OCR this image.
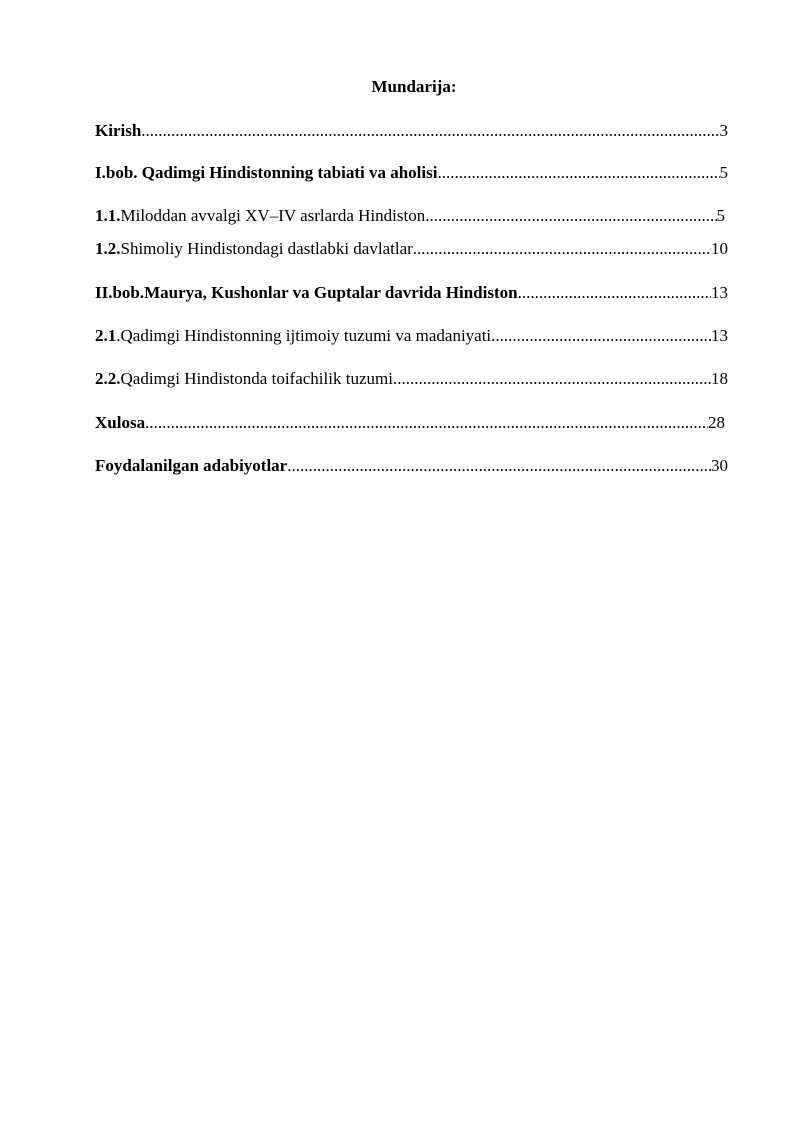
Mundarija:
Kirish .....	3
I.bob. Qadimgi Hindistonning tabiati va aholisi .....	5
1.1.Miloddan avvalgi XV–IV asrlarda Hindiston .....	5
1.2.Shimoliy Hindistondagi dastlabki davlatlar .....	10
II.bob.Maurya, Kushonlar va Guptalar davrida Hindiston .....	13
2.1.Qadimgi Hindistonning ijtimoiy tuzumi va madaniyati .....	13
2.2.Qadimgi Hindistonda toifachilik tuzumi .....	18
Xulosa .....	28
Foydalanilgan adabiyotlar .....	30
